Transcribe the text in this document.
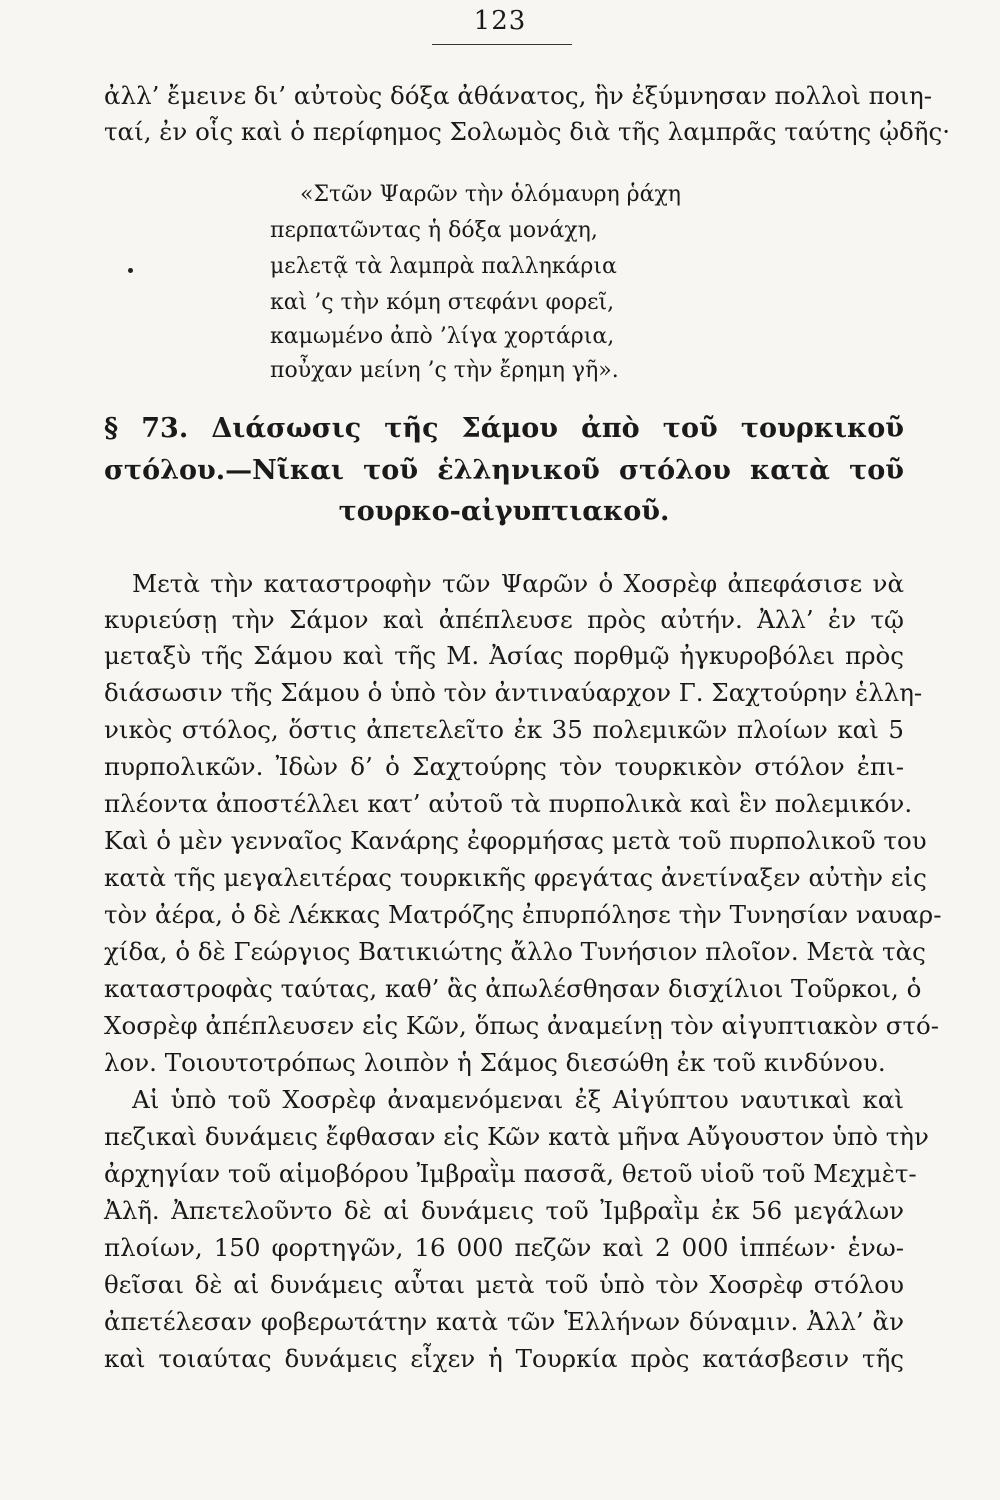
123
ἀλλ’ ἔμεινε δι’ αὐτοὺς δόξα ἀθάνατος, ἣν ἐξύμνησαν πολλοὶ ποιη-
ταί, ἐν οἷς καὶ ὁ περίφημος Σολωμὸς διὰ τῆς λαμπρᾶς ταύτης ᾠδῆς·
«Στῶν Ψαρῶν τὴν ὁλόμαυρη ῥάχη
περπατῶντας ἡ δόξα μονάχη,
μελετᾷ τὰ λαμπρὰ παλληκάρια
καὶ ’ς τὴν κόμη στεφάνι φορεῖ,
καμωμένο ἀπὸ ’λίγα χορτάρια,
ποὖχαν μείνη ’ς τὴν ἔρημη γῆ».
§ 73. Διάσωσις τῆς Σάμου ἀπὸ τοῦ τουρκικοῦ
στόλου.—Νῖκαι τοῦ ἑλληνικοῦ στόλου κατὰ τοῦ
τουρκο-αἰγυπτιακοῦ.
Μετὰ τὴν καταστροφὴν τῶν Ψαρῶν ὁ Χοσρὲφ ἀπεφάσισε νὰ
κυριεύσῃ τὴν Σάμον καὶ ἀπέπλευσε πρὸς αὐτήν. Ἀλλ’ ἐν τῷ
μεταξὺ τῆς Σάμου καὶ τῆς Μ. Ἀσίας πορθμῷ ἠγκυροβόλει πρὸς
διάσωσιν τῆς Σάμου ὁ ὑπὸ τὸν ἀντιναύαρχον Γ. Σαχτούρην ἑλλη-
νικὸς στόλος, ὅστις ἀπετελεῖτο ἐκ 35 πολεμικῶν πλοίων καὶ 5
πυρπολικῶν. Ἰδὼν δ’ ὁ Σαχτούρης τὸν τουρκικὸν στόλον ἐπι-
πλέοντα ἀποστέλλει κατ’ αὐτοῦ τὰ πυρπολικὰ καὶ ἓν πολεμικόν.
Καὶ ὁ μὲν γενναῖος Κανάρης ἐφορμήσας μετὰ τοῦ πυρπολικοῦ του
κατὰ τῆς μεγαλειτέρας τουρκικῆς φρεγάτας ἀνετίναξεν αὐτὴν εἰς
τὸν ἀέρα, ὁ δὲ Λέκκας Ματρόζης ἐπυρπόλησε τὴν Τυνησίαν ναυαρ-
χίδα, ὁ δὲ Γεώργιος Βατικιώτης ἄλλο Τυνήσιον πλοῖον. Μετὰ τὰς
καταστροφὰς ταύτας, καθ’ ἃς ἀπωλέσθησαν δισχίλιοι Τοῦρκοι, ὁ
Χοσρὲφ ἀπέπλευσεν εἰς Κῶν, ὅπως ἀναμείνῃ τὸν αἰγυπτιακὸν στό-
λον. Τοιουτοτρόπως λοιπὸν ἡ Σάμος διεσώθη ἐκ τοῦ κινδύνου.
Αἱ ὑπὸ τοῦ Χοσρὲφ ἀναμενόμεναι ἐξ Αἰγύπτου ναυτικαὶ καὶ
πεζικαὶ δυνάμεις ἔφθασαν εἰς Κῶν κατὰ μῆνα Αὔγουστον ὑπὸ τὴν
ἀρχηγίαν τοῦ αἱμοβόρου Ἰμβραῒμ πασσᾶ, θετοῦ υἱοῦ τοῦ Μεχμὲτ-
Ἀλῆ. Ἀπετελοῦντο δὲ αἱ δυνάμεις τοῦ Ἰμβραῒμ ἐκ 56 μεγάλων
πλοίων, 150 φορτηγῶν, 16 000 πεζῶν καὶ 2 000 ἱππέων· ἑνω-
θεῖσαι δὲ αἱ δυνάμεις αὗται μετὰ τοῦ ὑπὸ τὸν Χοσρὲφ στόλου
ἀπετέλεσαν φοβερωτάτην κατὰ τῶν Ἑλλήνων δύναμιν. Ἀλλ’ ἂν
καὶ τοιαύτας δυνάμεις εἶχεν ἡ Τουρκία πρὸς κατάσβεσιν τῆς
